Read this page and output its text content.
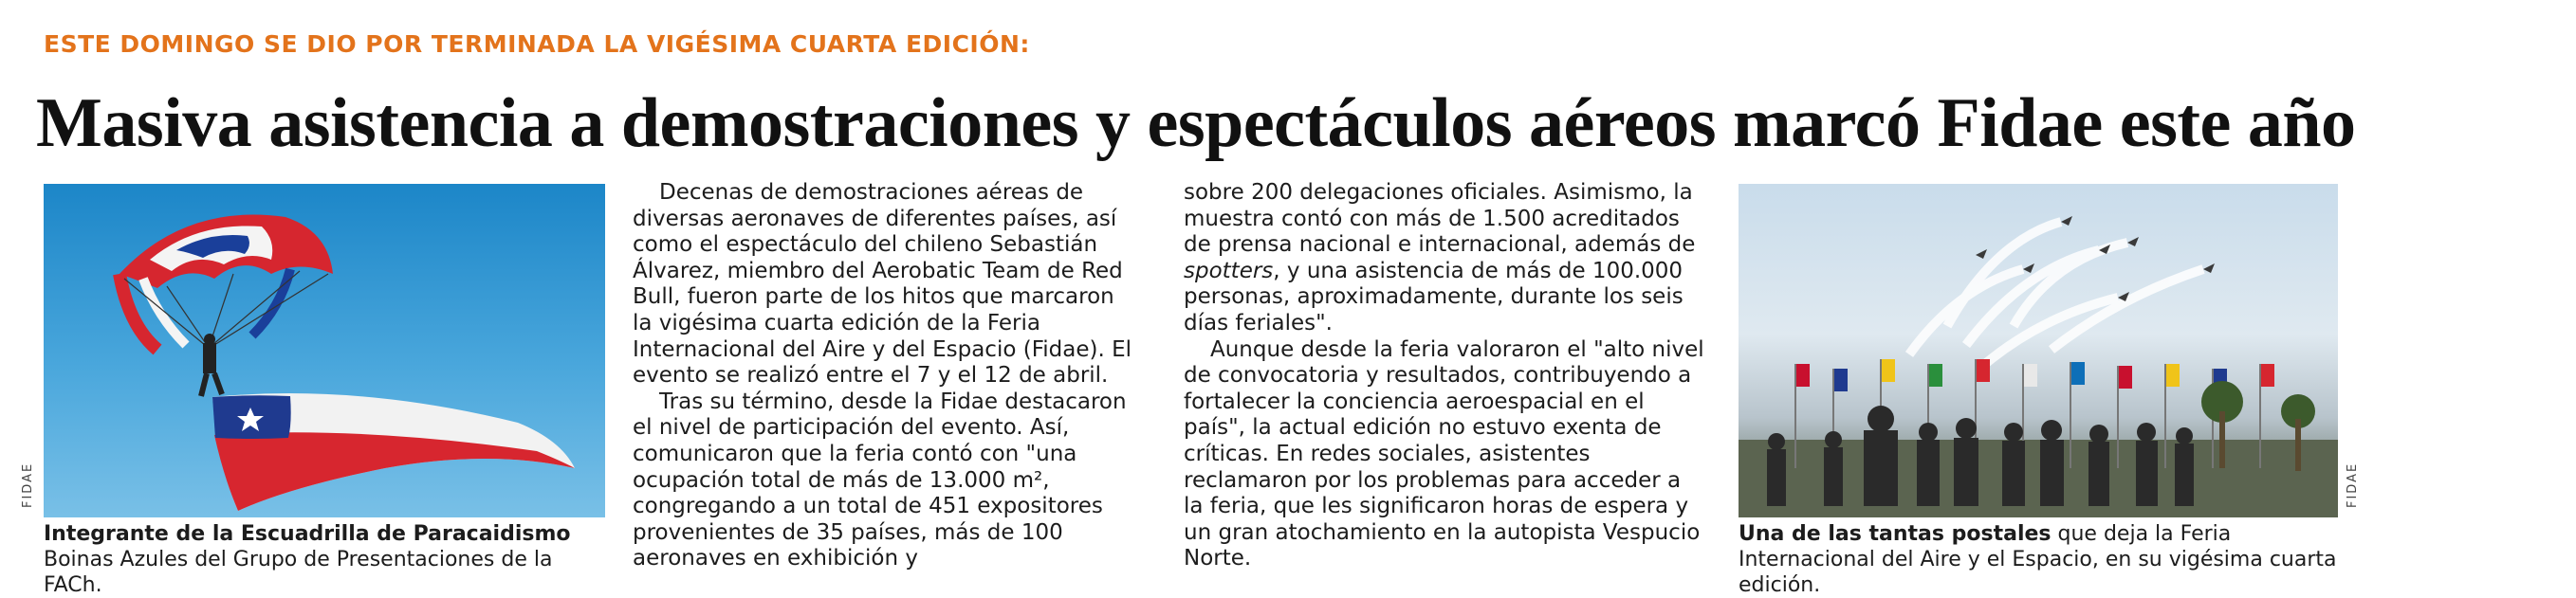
ESTE DOMINGO SE DIO POR TERMINADA LA VIGÉSIMA CUARTA EDICIÓN:
Masiva asistencia a demostraciones y espectáculos aéreos marcó Fidae este año
FIDAE
Integrante de la Escuadrilla de Paracaidismo Boinas Azules del Grupo de Presentaciones de la FACh.

Decenas de demostraciones aéreas de diversas aeronaves de diferentes países, así como el espectáculo del chileno Sebastián Álvarez, miembro del Aerobatic Team de Red Bull, fueron parte de los hitos que marcaron la vigésima cuarta edición de la Feria Internacional del Aire y del Espacio (Fidae). El evento se realizó entre el 7 y el 12 de abril.

Tras su término, desde la Fidae destacaron el nivel de participación del evento. Así, comunicaron que la feria contó con "una ocupación total de más de 13.000 m², congregando a un total de 451 expositores provenientes de 35 países, más de 100 aeronaves en exhibición y

sobre 200 delegaciones oficiales. Asimismo, la muestra contó con más de 1.500 acreditados de prensa nacional e internacional, además de spotters, y una asistencia de más de 100.000 personas, aproximadamente, durante los seis días feriales".

Aunque desde la feria valoraron el "alto nivel de convocatoria y resultados, contribuyendo a fortalecer la conciencia aeroespacial en el país", la actual edición no estuvo exenta de críticas. En redes sociales, asistentes reclamaron por los problemas para acceder a la feria, que les significaron horas de espera y un gran atochamiento en la autopista Vespucio Norte.

FIDAE
Una de las tantas postales que deja la Feria Internacional del Aire y el Espacio, en su vigésima cuarta edición.
